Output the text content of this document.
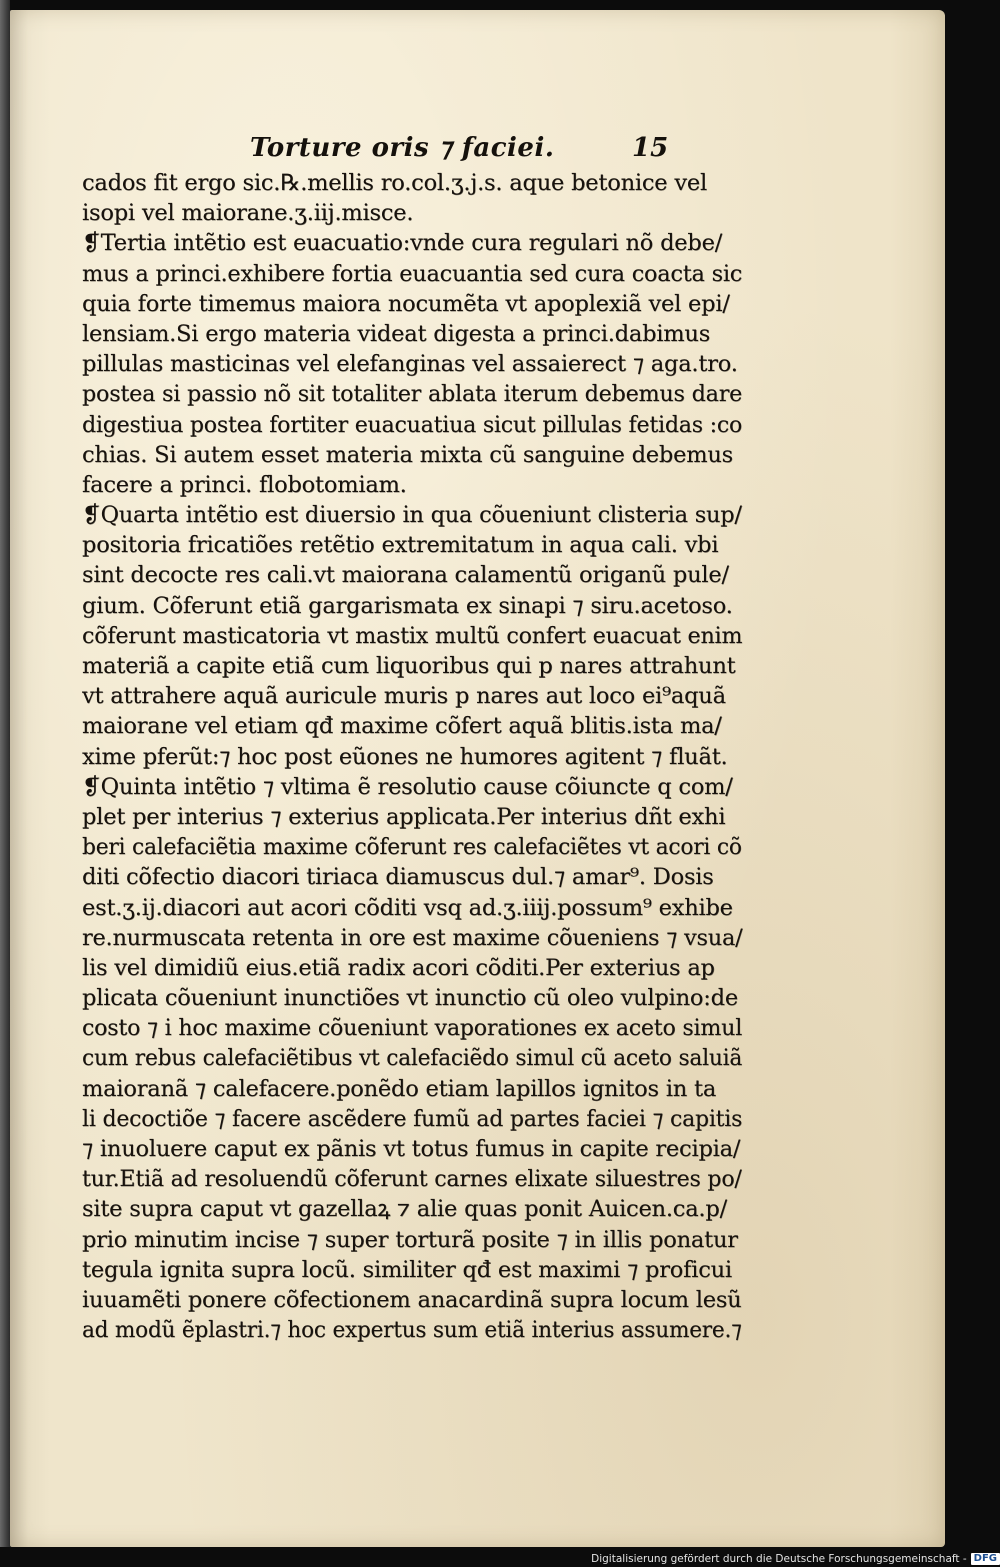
Torture oris ⁊ faciei.	15
cados fit ergo sic.℞.mellis ro.col.ʒ.j.s. aque betonice vel
isopi vel maiorane.ʒ.iij.misce.
❡Tertia intẽtio est euacuatio:vnde cura regulari nõ debe/
mus a princi.exhibere fortia euacuantia sed cura coacta sic
quia forte timemus maiora nocumẽta vt apoplexiã vel epi/
lensiam.Si ergo materia videat digesta a princi.dabimus
pillulas masticinas vel elefanginas vel assaierect ⁊ aga.tro.
postea si passio nõ sit totaliter ablata iterum debemus dare
digestiua postea fortiter euacuatiua sicut pillulas fetidas :co
chias. Si autem esset materia mixta cũ sanguine debemus
facere a princi. flobotomiam.
❡Quarta intẽtio est diuersio in qua cõueniunt clisteria sup/
positoria fricatiões retẽtio extremitatum in aqua cali. vbi
sint decocte res cali.vt maiorana calamentũ origanũ pule/
gium. Cõferunt etiã gargarismata ex sinapi ⁊ siru.acetoso.
cõferunt masticatoria vt mastix multũ confert euacuat enim
materiã a capite etiã cum liquoribus qui p nares attrahunt
vt attrahere aquã auricule muris p nares aut loco ei⁹aquã
maiorane vel etiam qđ maxime cõfert aquã blitis.ista ma/
xime pferũt:⁊ hoc post eũones ne humores agitent ⁊ fluãt.
❡Quinta intẽtio ⁊ vltima ẽ resolutio cause cõiuncte q com/
plet per interius ⁊ exterius applicata.Per interius dñt exhi
beri calefaciẽtia maxime cõferunt res calefaciẽtes vt acori cõ
diti cõfectio diacori tiriaca diamuscus dul.⁊ amar⁹. Dosis
est.ʒ.ij.diacori aut acori cõditi vsq ad.ʒ.iiij.possum⁹ exhibe
re.nurmuscata retenta in ore est maxime cõueniens ⁊ vsua/
lis vel dimidiũ eius.etiã radix acori cõditi.Per exterius ap
plicata cõueniunt inunctiões vt inunctio cũ oleo vulpino:de
costo ⁊ i hoc maxime cõueniunt vaporationes ex aceto simul
cum rebus calefaciẽtibus vt calefaciẽdo simul cũ aceto saluiã
maioranã ⁊ calefacere.ponẽdo etiam lapillos ignitos in ta
li decoctiõe ⁊ facere ascẽdere fumũ ad partes faciei ⁊ capitis
⁊ inuoluere caput ex pãnis vt totus fumus in capite recipia/
tur.Etiã ad resoluendũ cõferunt carnes elixate siluestres po/
site supra caput vt gazellaꝝ ⁊ alie quas ponit Auicen.ca.p/
prio minutim incise ⁊ super torturã posite ⁊ in illis ponatur
tegula ignita supra locũ. similiter qđ est maximi ⁊ proficui
iuuamẽti ponere cõfectionem anacardinã supra locum lesũ
ad modũ ẽplastri.⁊ hoc expertus sum etiã interius assumere.⁊
Digitalisierung gefördert durch die Deutsche Forschungsgemeinschaft - DFG
